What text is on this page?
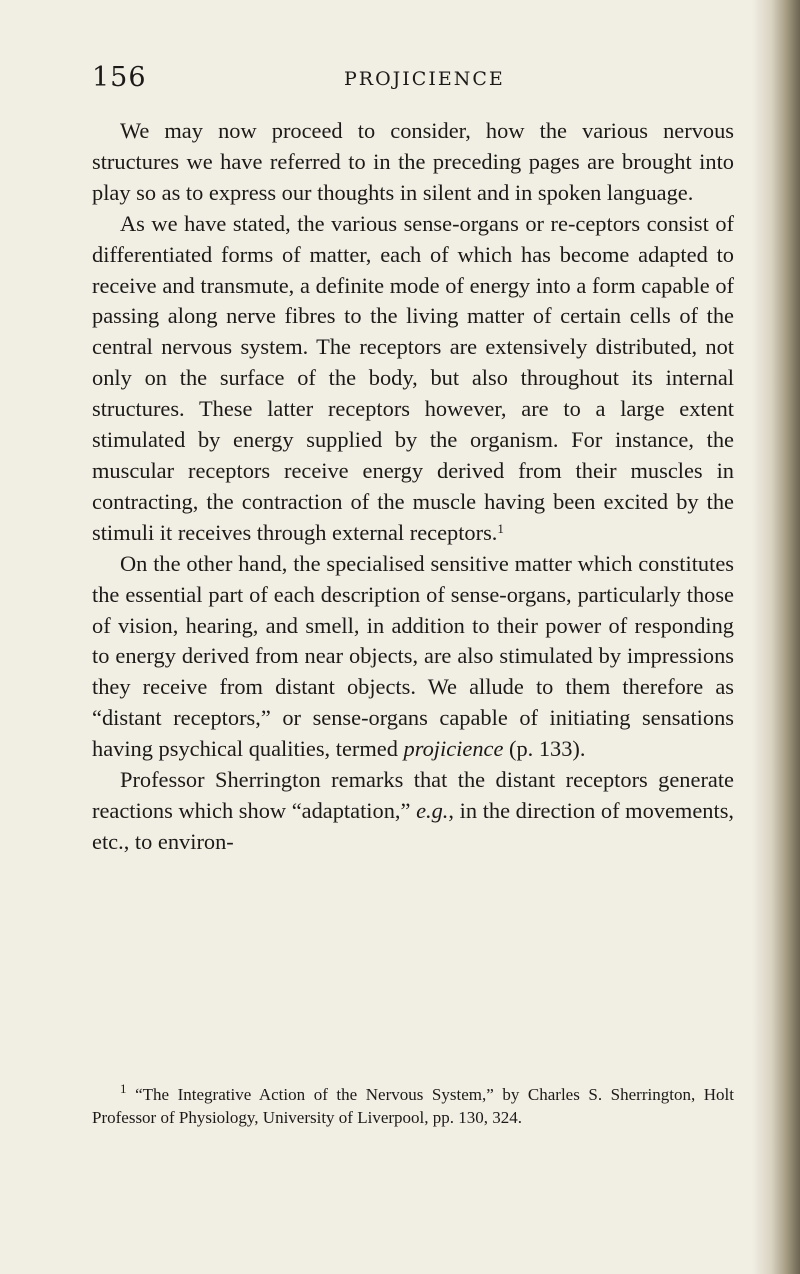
156	PROJICIENCE

We may now proceed to consider, how the various nervous structures we have referred to in the preceding pages are brought into play so as to express our thoughts in silent and in spoken language.

As we have stated, the various sense-organs or re-ceptors consist of differentiated forms of matter, each of which has become adapted to receive and transmute, a definite mode of energy into a form capable of passing along nerve fibres to the living matter of certain cells of the central nervous system. The receptors are extensively distributed, not only on the surface of the body, but also throughout its internal structures. These latter receptors however, are to a large extent stimulated by energy supplied by the organism. For instance, the muscular receptors receive energy derived from their muscles in contracting, the contraction of the muscle having been excited by the stimuli it receives through external receptors.$^1$

On the other hand, the specialised sensitive matter which constitutes the essential part of each description of sense-organs, particularly those of vision, hearing, and smell, in addition to their power of responding to energy derived from near objects, are also stimulated by impressions they receive from distant objects. We allude to them therefore as “distant receptors,” or sense-organs capable of initiating sensations having psychical qualities, termed projicience (p. 133).

Professor Sherrington remarks that the distant receptors generate reactions which show “adaptation,” e.g., in the direction of movements, etc., to environ-

$^1$ “The Integrative Action of the Nervous System,” by Charles S. Sherrington, Holt Professor of Physiology, University of Liverpool, pp. 130, 324.
